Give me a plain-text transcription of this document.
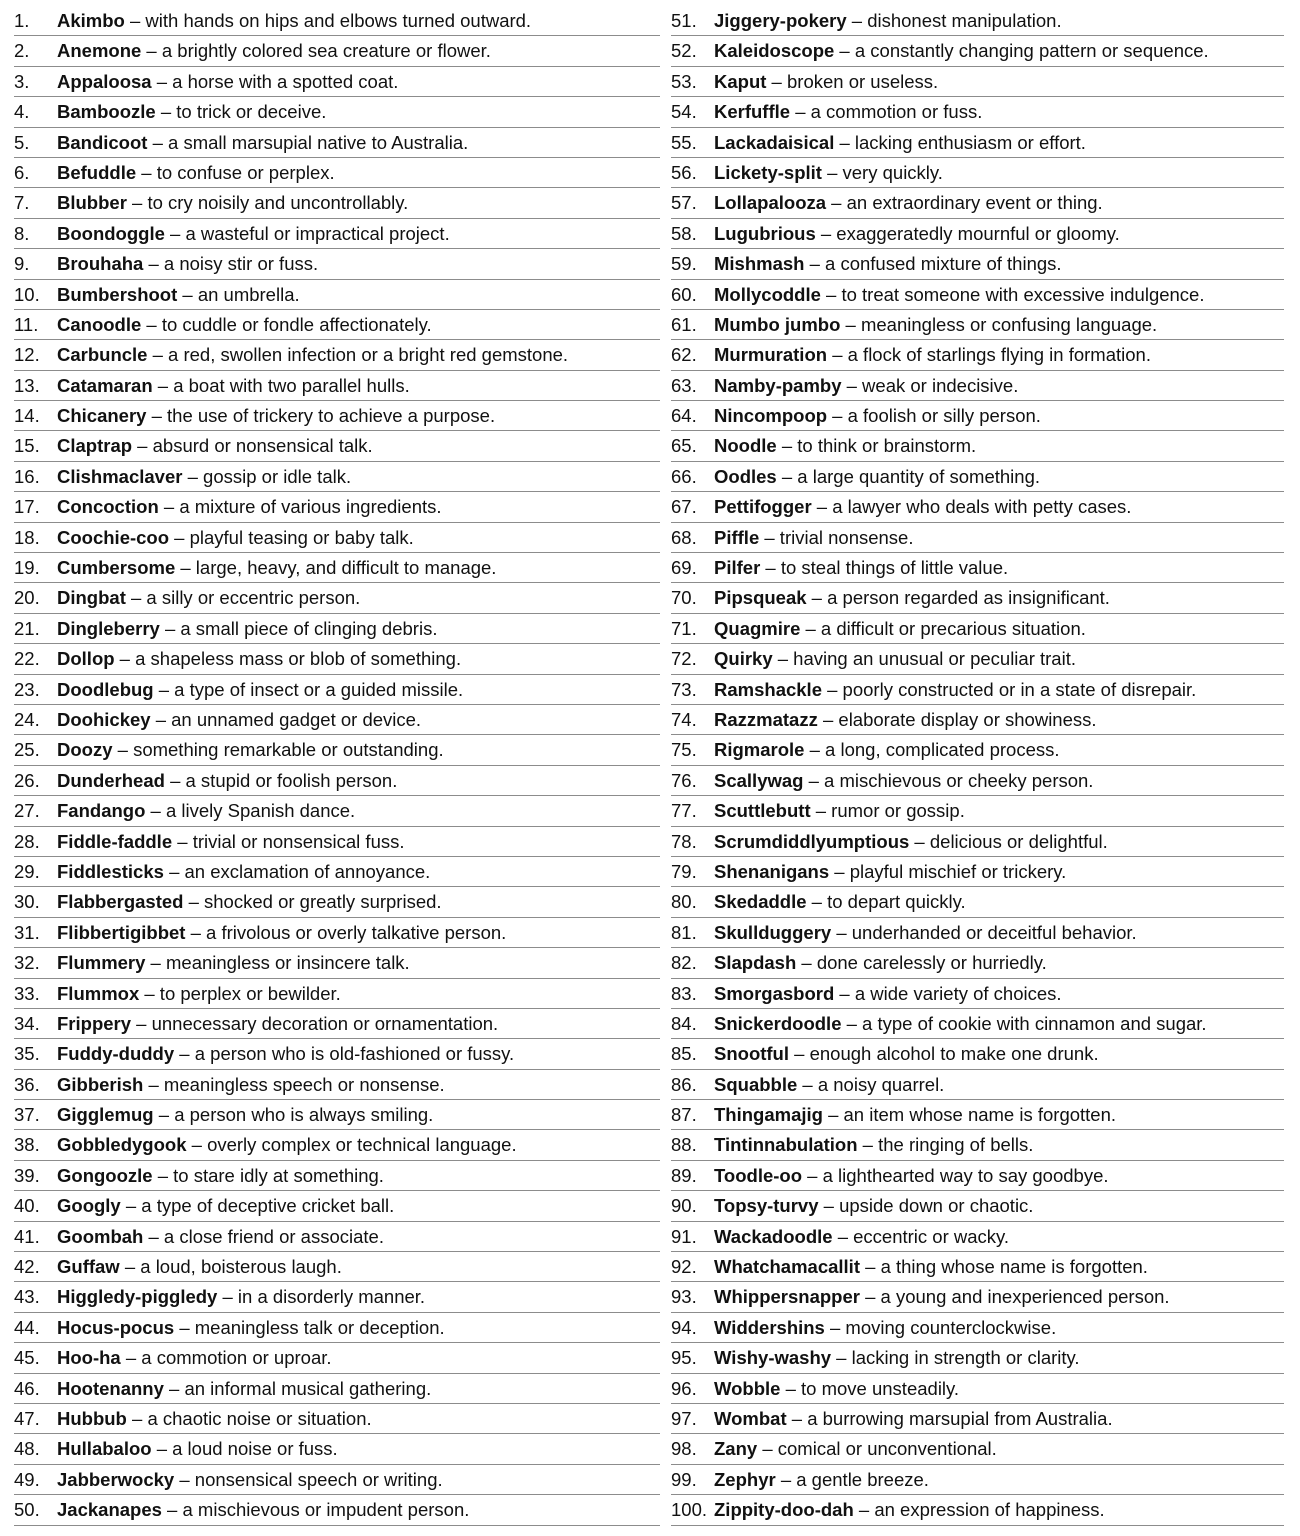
1. Akimbo – with hands on hips and elbows turned outward.
2. Anemone – a brightly colored sea creature or flower.
3. Appaloosa – a horse with a spotted coat.
4. Bamboozle – to trick or deceive.
5. Bandicoot – a small marsupial native to Australia.
6. Befuddle – to confuse or perplex.
7. Blubber – to cry noisily and uncontrollably.
8. Boondoggle – a wasteful or impractical project.
9. Brouhaha – a noisy stir or fuss.
10. Bumbershoot – an umbrella.
11. Canoodle – to cuddle or fondle affectionately.
12. Carbuncle – a red, swollen infection or a bright red gemstone.
13. Catamaran – a boat with two parallel hulls.
14. Chicanery – the use of trickery to achieve a purpose.
15. Claptrap – absurd or nonsensical talk.
16. Clishmaclaver – gossip or idle talk.
17. Concoction – a mixture of various ingredients.
18. Coochie-coo – playful teasing or baby talk.
19. Cumbersome – large, heavy, and difficult to manage.
20. Dingbat – a silly or eccentric person.
21. Dingleberry – a small piece of clinging debris.
22. Dollop – a shapeless mass or blob of something.
23. Doodlebug – a type of insect or a guided missile.
24. Doohickey – an unnamed gadget or device.
25. Doozy – something remarkable or outstanding.
26. Dunderhead – a stupid or foolish person.
27. Fandango – a lively Spanish dance.
28. Fiddle-faddle – trivial or nonsensical fuss.
29. Fiddlesticks – an exclamation of annoyance.
30. Flabbergasted – shocked or greatly surprised.
31. Flibbertigibbet – a frivolous or overly talkative person.
32. Flummery – meaningless or insincere talk.
33. Flummox – to perplex or bewilder.
34. Frippery – unnecessary decoration or ornamentation.
35. Fuddy-duddy – a person who is old-fashioned or fussy.
36. Gibberish – meaningless speech or nonsense.
37. Gigglemug – a person who is always smiling.
38. Gobbledygook – overly complex or technical language.
39. Gongoozle – to stare idly at something.
40. Googly – a type of deceptive cricket ball.
41. Goombah – a close friend or associate.
42. Guffaw – a loud, boisterous laugh.
43. Higgledy-piggledy – in a disorderly manner.
44. Hocus-pocus – meaningless talk or deception.
45. Hoo-ha – a commotion or uproar.
46. Hootenanny – an informal musical gathering.
47. Hubbub – a chaotic noise or situation.
48. Hullabaloo – a loud noise or fuss.
49. Jabberwocky – nonsensical speech or writing.
50. Jackanapes – a mischievous or impudent person.
51. Jiggery-pokery – dishonest manipulation.
52. Kaleidoscope – a constantly changing pattern or sequence.
53. Kaput – broken or useless.
54. Kerfuffle – a commotion or fuss.
55. Lackadaisical – lacking enthusiasm or effort.
56. Lickety-split – very quickly.
57. Lollapalooza – an extraordinary event or thing.
58. Lugubrious – exaggeratedly mournful or gloomy.
59. Mishmash – a confused mixture of things.
60. Mollycoddle – to treat someone with excessive indulgence.
61. Mumbo jumbo – meaningless or confusing language.
62. Murmuration – a flock of starlings flying in formation.
63. Namby-pamby – weak or indecisive.
64. Nincompoop – a foolish or silly person.
65. Noodle – to think or brainstorm.
66. Oodles – a large quantity of something.
67. Pettifogger – a lawyer who deals with petty cases.
68. Piffle – trivial nonsense.
69. Pilfer – to steal things of little value.
70. Pipsqueak – a person regarded as insignificant.
71. Quagmire – a difficult or precarious situation.
72. Quirky – having an unusual or peculiar trait.
73. Ramshackle – poorly constructed or in a state of disrepair.
74. Razzmatazz – elaborate display or showiness.
75. Rigmarole – a long, complicated process.
76. Scallywag – a mischievous or cheeky person.
77. Scuttlebutt – rumor or gossip.
78. Scrumdiddlyumptious – delicious or delightful.
79. Shenanigans – playful mischief or trickery.
80. Skedaddle – to depart quickly.
81. Skullduggery – underhanded or deceitful behavior.
82. Slapdash – done carelessly or hurriedly.
83. Smorgasbord – a wide variety of choices.
84. Snickerdoodle – a type of cookie with cinnamon and sugar.
85. Snootful – enough alcohol to make one drunk.
86. Squabble – a noisy quarrel.
87. Thingamajig – an item whose name is forgotten.
88. Tintinnabulation – the ringing of bells.
89. Toodle-oo – a lighthearted way to say goodbye.
90. Topsy-turvy – upside down or chaotic.
91. Wackadoodle – eccentric or wacky.
92. Whatchamacallit – a thing whose name is forgotten.
93. Whippersnapper – a young and inexperienced person.
94. Widdershins – moving counterclockwise.
95. Wishy-washy – lacking in strength or clarity.
96. Wobble – to move unsteadily.
97. Wombat – a burrowing marsupial from Australia.
98. Zany – comical or unconventional.
99. Zephyr – a gentle breeze.
100. Zippity-doo-dah – an expression of happiness.
